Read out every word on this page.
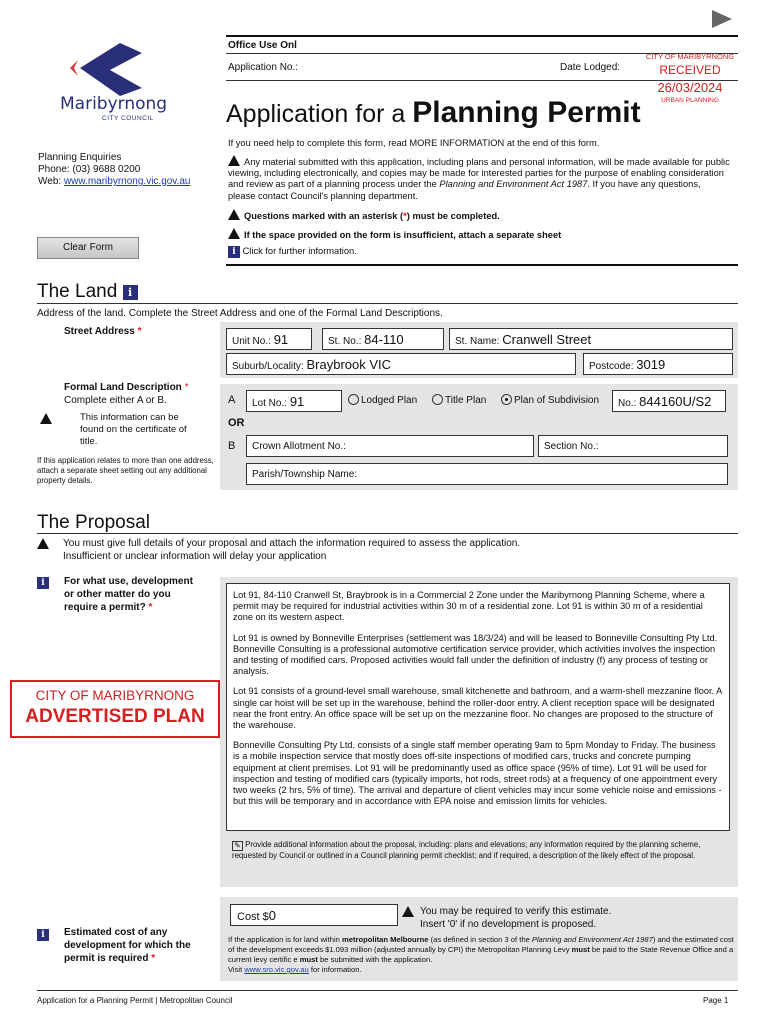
Maribyrnong
CITY COUNCIL
Office Use Onl
Application No.:	Date Lodged:
CITY OF MARIBYRNONG
RECEIVED
26/03/2024
URBAN PLANNING
Application for a Planning Permit
Planning Enquiries
Phone: (03) 9688 0200
Web: www.maribyrnong.vic.gov.au
If you need help to complete this form, read MORE INFORMATION at the end of this form.
Any material submitted with this application, including plans and personal information, will be made available for public viewing, including electronically, and copies may be made for interested parties for the purpose of enabling consideration and review as part of a planning process under the Planning and Environment Act 1987. If you have any questions, please contact Council's planning department.
Questions marked with an asterisk (*) must be completed.
If the space provided on the form is insufficient, attach a separate sheet
i Click for further information.
Clear Form
The Land i
Address of the land. Complete the Street Address and one of the Formal Land Descriptions.
Street Address *
Unit No.: 91	St. No.: 84-110	St. Name: Cranwell Street
Suburb/Locality: Braybrook VIC	Postcode: 3019
Formal Land Description *
Complete either A or B.
This information can be found on the certificate of title.
If this application relates to more than one address, attach a separate sheet setting out any additional property details.
A	Lot No.: 91	Lodged Plan	Title Plan	Plan of Subdivision	No.: 844160U/S2
OR
B	Crown Allotment No.:	Section No.:
Parish/Township Name:
The Proposal
You must give full details of your proposal and attach the information required to assess the application.
Insufficient or unclear information will delay your application
i	For what use, development or other matter do you require a permit? *
CITY OF MARIBYRNONG
ADVERTISED PLAN

Lot 91, 84-110 Cranwell St, Braybrook is in a Commercial 2 Zone under the Maribyrnong Planning Scheme, where a permit may be required for industrial activities within 30 m of a residential zone. Lot 91 is within 30 m of a residential zone on its western aspect.

Lot 91 is owned by Bonneville Enterprises (settlement was 18/3/24) and will be leased to Bonneville Consulting Pty Ltd. Bonneville Consulting is a professional automotive certification service provider, which activities involves the inspection and testing of modified cars. Proposed activities would fall under the definition of industry (f) any process of testing or analysis.

Lot 91 consists of a ground-level small warehouse, small kitchenette and bathroom, and a warm-shell mezzanine floor. A single car hoist will be set up in the warehouse, behind the roller-door entry. A client reception space will be designated near the front entry. An office space will be set up on the mezzanine floor. No changes are proposed to the structure of the warehouse.

Bonneville Consulting Pty Ltd. consists of a single staff member operating 9am to 5pm Monday to Friday. The business is a mobile inspection service that mostly does off-site inspections of modified cars, trucks and concrete pumping equipment at client premises. Lot 91 will be predominantly used as office space (95% of time). Lot 91 will be used for inspection and testing of modified cars (typically imports, hot rods, street rods) at a frequency of one appointment every two weeks (2 hrs, 5% of time). The arrival and departure of client vehicles may incur some vehicle noise and emissions - but this will be temporary and in accordance with EPA noise and emission limits for vehicles.

✎ Provide additional information about the proposal, including: plans and elevations; any information required by the planning scheme, requested by Council or outlined in a Council planning permit checklist; and if required, a description of the likely effect of the proposal.
i	Estimated cost of any development for which the permit is required *
Cost $0	You may be required to verify this estimate.
Insert '0' if no development is proposed.
If the application is for land within metropolitan Melbourne (as defined in section 3 of the Planning and Environment Act 1987) and the estimated cost of the development exceeds $1.093 million (adjusted annually by CPI) the Metropolitan Planning Levy must be paid to the State Revenue Office and a current levy certific e must be submitted with the application.
Visit www.sro.vic.gov.au for information.
Application for a Planning Permit | Metropolitan Council	Page 1
